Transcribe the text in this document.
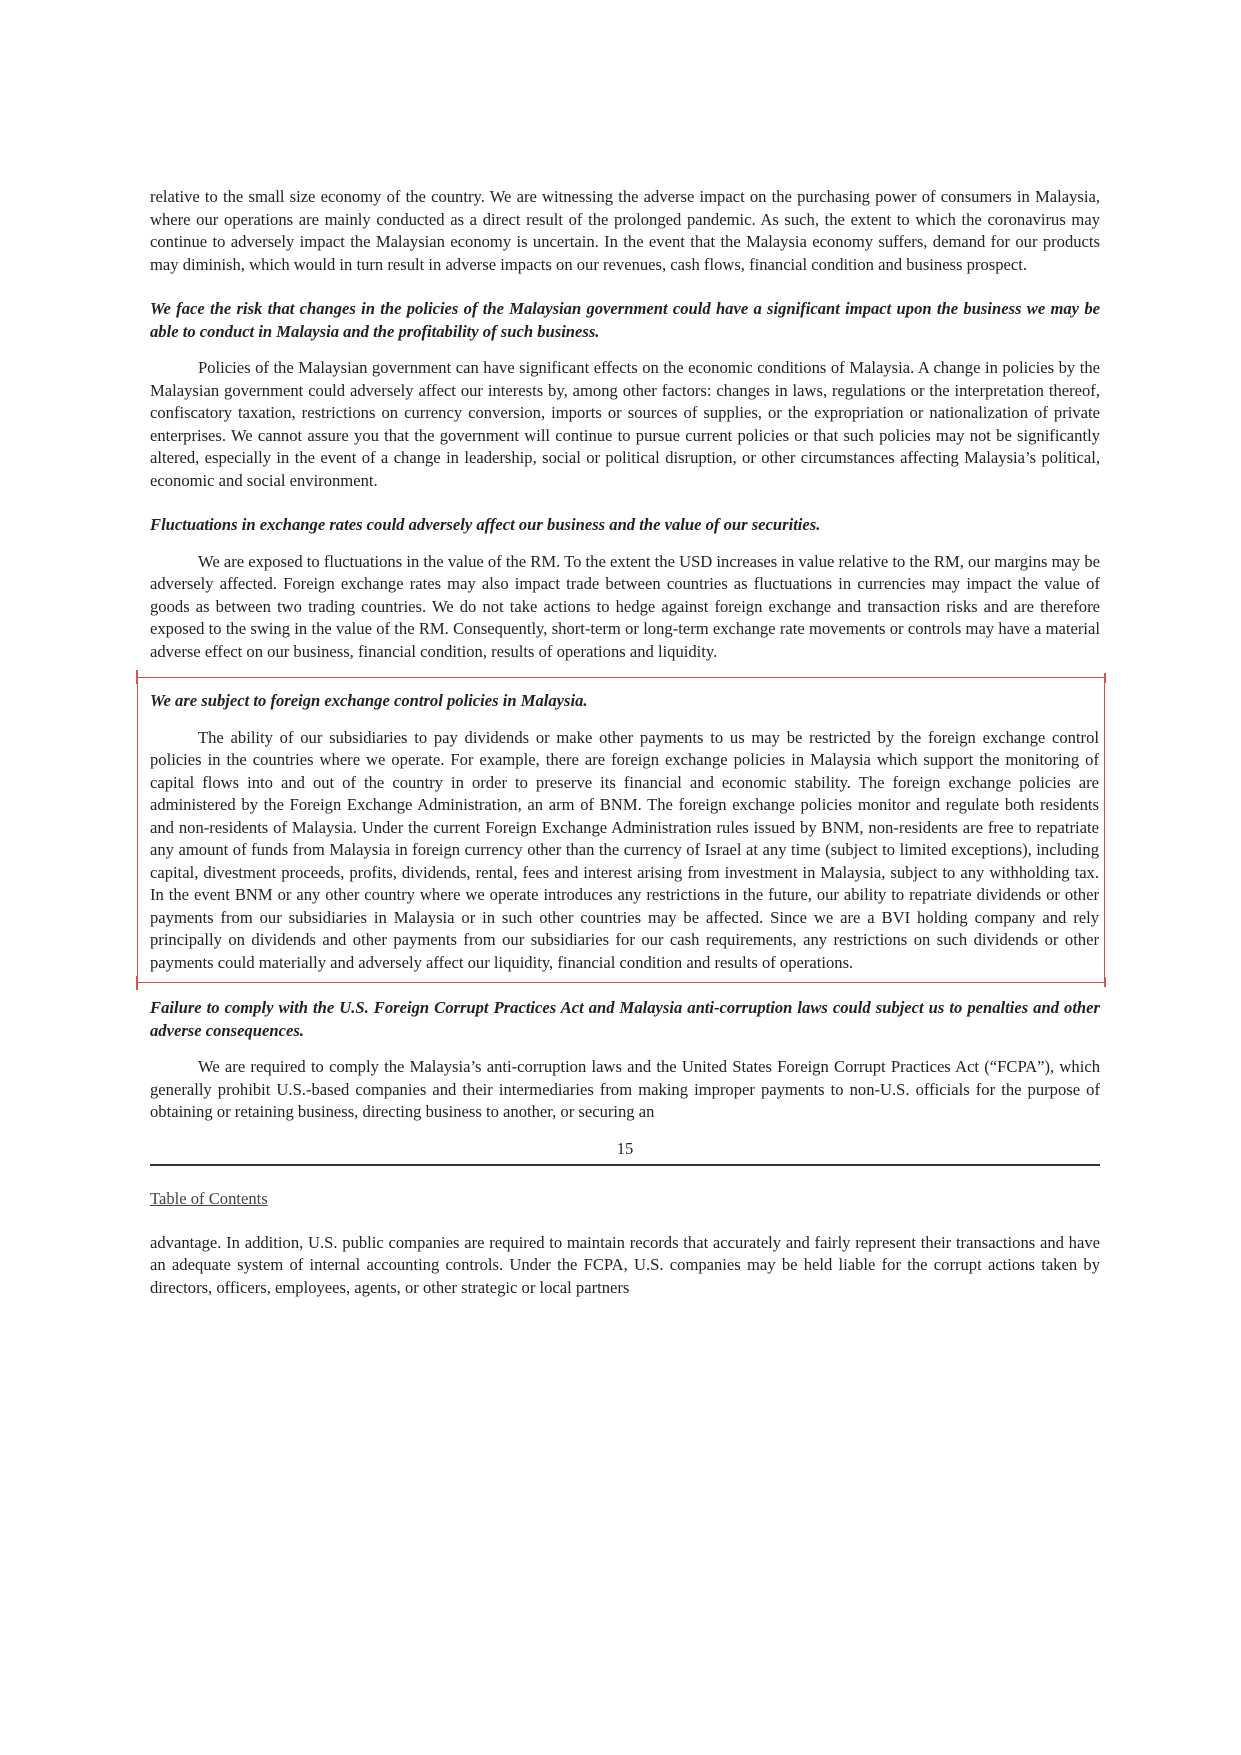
relative to the small size economy of the country. We are witnessing the adverse impact on the purchasing power of consumers in Malaysia, where our operations are mainly conducted as a direct result of the prolonged pandemic. As such, the extent to which the coronavirus may continue to adversely impact the Malaysian economy is uncertain. In the event that the Malaysia economy suffers, demand for our products may diminish, which would in turn result in adverse impacts on our revenues, cash flows, financial condition and business prospect.

We face the risk that changes in the policies of the Malaysian government could have a significant impact upon the business we may be able to conduct in Malaysia and the profitability of such business.

Policies of the Malaysian government can have significant effects on the economic conditions of Malaysia. A change in policies by the Malaysian government could adversely affect our interests by, among other factors: changes in laws, regulations or the interpretation thereof, confiscatory taxation, restrictions on currency conversion, imports or sources of supplies, or the expropriation or nationalization of private enterprises. We cannot assure you that the government will continue to pursue current policies or that such policies may not be significantly altered, especially in the event of a change in leadership, social or political disruption, or other circumstances affecting Malaysia’s political, economic and social environment.

Fluctuations in exchange rates could adversely affect our business and the value of our securities.

We are exposed to fluctuations in the value of the RM. To the extent the USD increases in value relative to the RM, our margins may be adversely affected. Foreign exchange rates may also impact trade between countries as fluctuations in currencies may impact the value of goods as between two trading countries. We do not take actions to hedge against foreign exchange and transaction risks and are therefore exposed to the swing in the value of the RM. Consequently, short-term or long-term exchange rate movements or controls may have a material adverse effect on our business, financial condition, results of operations and liquidity.

We are subject to foreign exchange control policies in Malaysia.

The ability of our subsidiaries to pay dividends or make other payments to us may be restricted by the foreign exchange control policies in the countries where we operate. For example, there are foreign exchange policies in Malaysia which support the monitoring of capital flows into and out of the country in order to preserve its financial and economic stability. The foreign exchange policies are administered by the Foreign Exchange Administration, an arm of BNM. The foreign exchange policies monitor and regulate both residents and non-residents of Malaysia. Under the current Foreign Exchange Administration rules issued by BNM, non-residents are free to repatriate any amount of funds from Malaysia in foreign currency other than the currency of Israel at any time (subject to limited exceptions), including capital, divestment proceeds, profits, dividends, rental, fees and interest arising from investment in Malaysia, subject to any withholding tax. In the event BNM or any other country where we operate introduces any restrictions in the future, our ability to repatriate dividends or other payments from our subsidiaries in Malaysia or in such other countries may be affected. Since we are a BVI holding company and rely principally on dividends and other payments from our subsidiaries for our cash requirements, any restrictions on such dividends or other payments could materially and adversely affect our liquidity, financial condition and results of operations.

Failure to comply with the U.S. Foreign Corrupt Practices Act and Malaysia anti-corruption laws could subject us to penalties and other adverse consequences.

We are required to comply the Malaysia’s anti-corruption laws and the United States Foreign Corrupt Practices Act (“FCPA”), which generally prohibit U.S.-based companies and their intermediaries from making improper payments to non-U.S. officials for the purpose of obtaining or retaining business, directing business to another, or securing an

15
Table of Contents

advantage. In addition, U.S. public companies are required to maintain records that accurately and fairly represent their transactions and have an adequate system of internal accounting controls. Under the FCPA, U.S. companies may be held liable for the corrupt actions taken by directors, officers, employees, agents, or other strategic or local partners
